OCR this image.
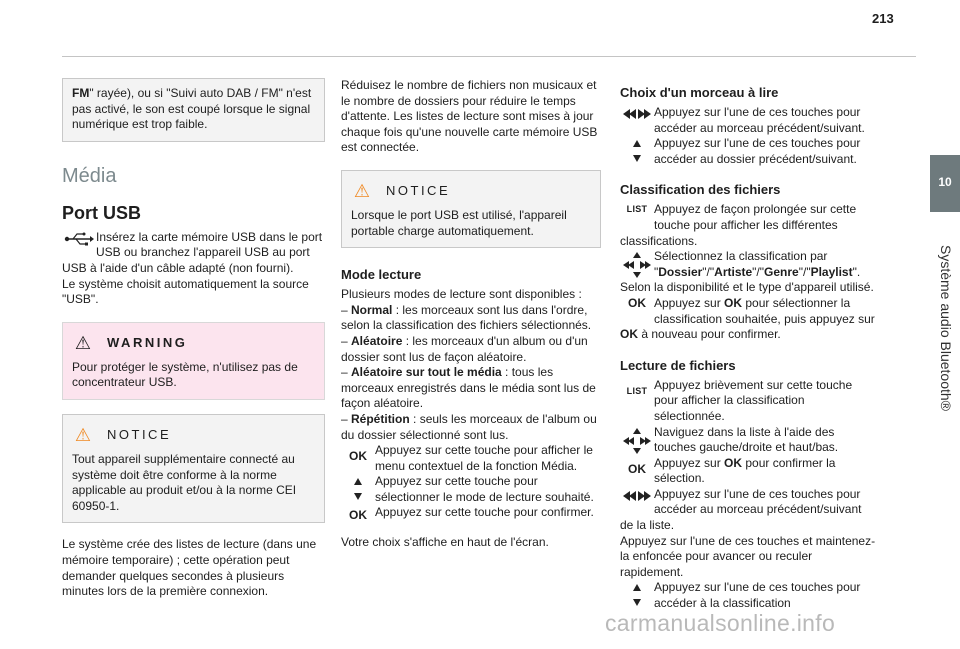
213
10
Système audio Bluetooth®

FM" rayée), ou si "Suivi auto DAB / FM" n'est pas activé, le son est coupé lorsque le signal numérique est trop faible.

Média
Port USB

Insérez la carte mémoire USB dans le port USB ou branchez l'appareil USB au port USB à l'aide d'un câble adapté (non fourni).

Le système choisit automatiquement la source "USB".

⚠ WARNING

Pour protéger le système, n'utilisez pas de concentrateur USB.

⚠ NOTICE

Tout appareil supplémentaire connecté au système doit être conforme à la norme applicable au produit et/ou à la norme CEI 60950-1.

Le système crée des listes de lecture (dans une mémoire temporaire) ; cette opération peut demander quelques secondes à plusieurs minutes lors de la première connexion.

Réduisez le nombre de fichiers non musicaux et le nombre de dossiers pour réduire le temps d'attente. Les listes de lecture sont mises à jour chaque fois qu'une nouvelle carte mémoire USB est connectée.

⚠ NOTICE

Lorsque le port USB est utilisé, l'appareil portable charge automatiquement.

Mode lecture

Plusieurs modes de lecture sont disponibles :

– Normal : les morceaux sont lus dans l'ordre, selon la classification des fichiers sélectionnés.

– Aléatoire : les morceaux d'un album ou d'un dossier sont lus de façon aléatoire.

– Aléatoire sur tout le média : tous les morceaux enregistrés dans le média sont lus de façon aléatoire.

– Répétition : seuls les morceaux de l'album ou du dossier sélectionné sont lus.

OK Appuyez sur cette touche pour afficher le menu contextuel de la fonction Média.

Appuyez sur cette touche pour sélectionner le mode de lecture souhaité.

OK Appuyez sur cette touche pour confirmer.

Votre choix s'affiche en haut de l'écran.

Choix d'un morceau à lire

Appuyez sur l'une de ces touches pour accéder au morceau précédent/suivant.

Appuyez sur l'une de ces touches pour accéder au dossier précédent/suivant.

Classification des fichiers
LIST Appuyez de façon prolongée sur cette touche pour afficher les différentes classifications.

Sélectionnez la classification par "Dossier"/"Artiste"/"Genre"/"Playlist".

Selon la disponibilité et le type d'appareil utilisé.

OK Appuyez sur OK pour sélectionner la classification souhaitée, puis appuyez sur OK à nouveau pour confirmer.

Lecture de fichiers
LIST Appuyez brièvement sur cette touche pour afficher la classification sélectionnée.

Naviguez dans la liste à l'aide des touches gauche/droite et haut/bas.

OK Appuyez sur OK pour confirmer la sélection.

Appuyez sur l'une de ces touches pour accéder au morceau précédent/suivant de la liste.

Appuyez sur l'une de ces touches et maintenez-la enfoncée pour avancer ou reculer rapidement.

Appuyez sur l'une de ces touches pour accéder à la classification

carmanualsonline.info
